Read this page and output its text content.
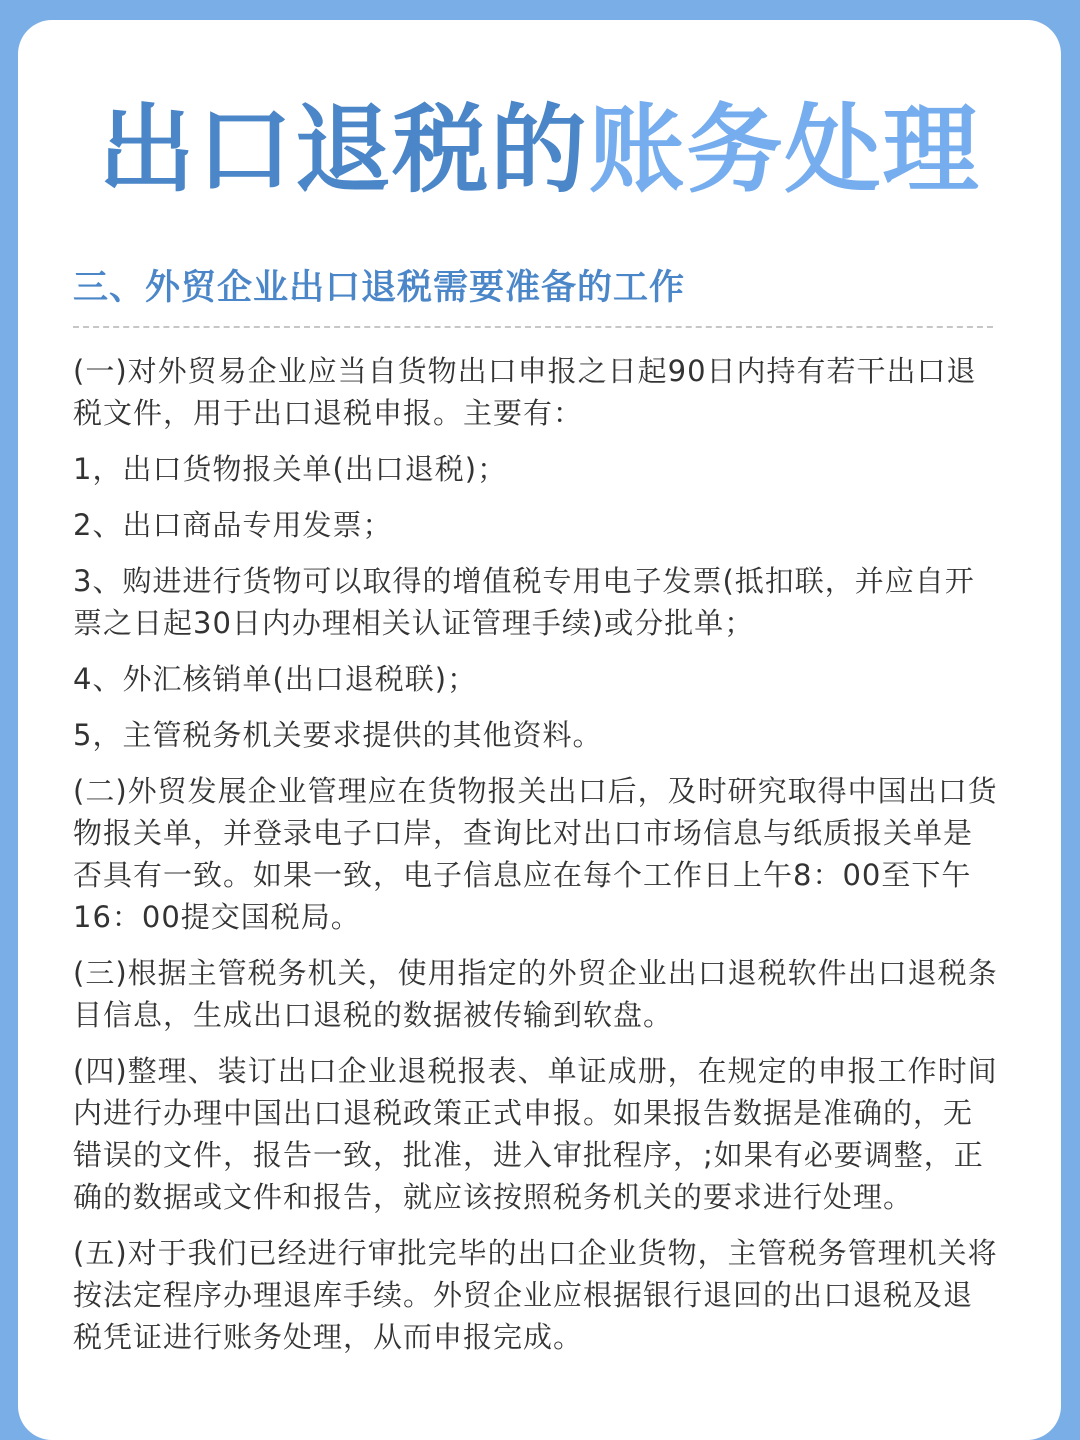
出口退税的账务处理
三、外贸企业出口退税需要准备的工作

(一)对外贸易企业应当自货物出口申报之日起90日内持有若干出口退税文件，用于出口退税申报。主要有：

1，出口货物报关单(出口退税)；

2、出口商品专用发票；

3、购进进行货物可以取得的增值税专用电子发票(抵扣联，并应自开票之日起30日内办理相关认证管理手续)或分批单；

4、外汇核销单(出口退税联)；

5，主管税务机关要求提供的其他资料。

(二)外贸发展企业管理应在货物报关出口后，及时研究取得中国出口货物报关单，并登录电子口岸，查询比对出口市场信息与纸质报关单是否具有一致。如果一致，电子信息应在每个工作日上午8：00至下午16：00提交国税局。

(三)根据主管税务机关，使用指定的外贸企业出口退税软件出口退税条目信息，生成出口退税的数据被传输到软盘。

(四)整理、装订出口企业退税报表、单证成册，在规定的申报工作时间内进行办理中国出口退税政策正式申报。如果报告数据是准确的，无错误的文件，报告一致，批准，进入审批程序，;如果有必要调整，正确的数据或文件和报告，就应该按照税务机关的要求进行处理。

(五)对于我们已经进行审批完毕的出口企业货物，主管税务管理机关将按法定程序办理退库手续。外贸企业应根据银行退回的出口退税及退税凭证进行账务处理，从而申报完成。
